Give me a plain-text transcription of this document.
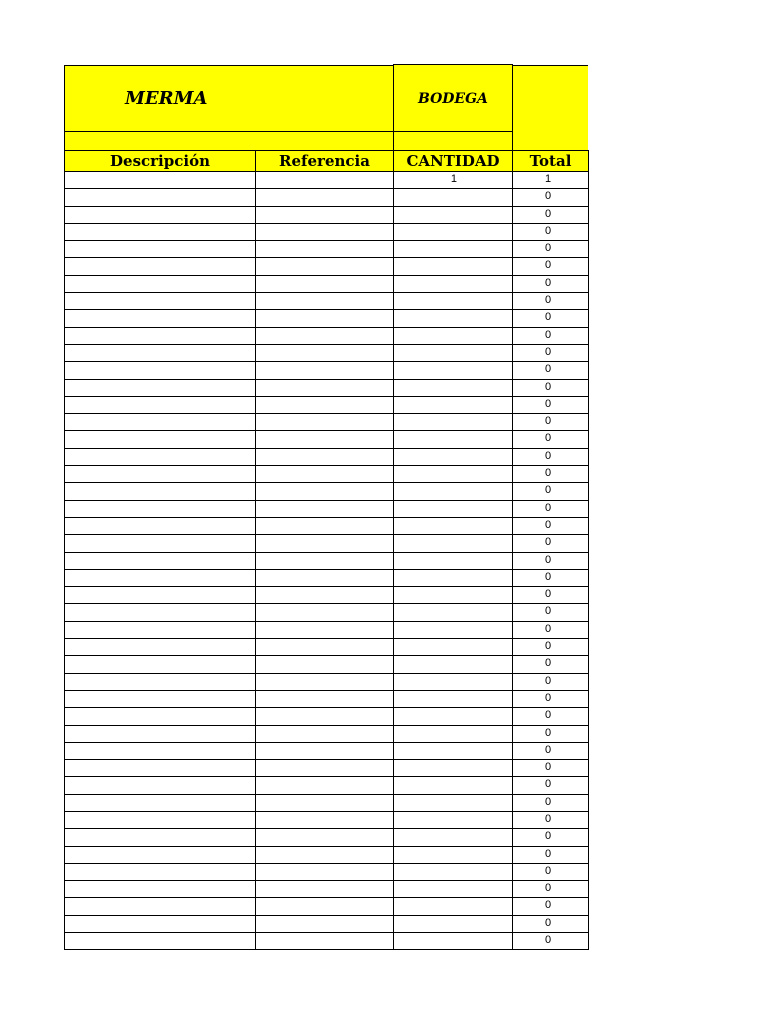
MERMA	BODEGA
Descripción	Referencia	CANTIDAD	Total
		1	1
			0
			0
			0
			0
			0
			0
			0
			0
			0
			0
			0
			0
			0
			0
			0
			0
			0
			0
			0
			0
			0
			0
			0
			0
			0
			0
			0
			0
			0
			0
			0
			0
			0
			0
			0
			0
			0
			0
			0
			0
			0
			0
			0
			0
